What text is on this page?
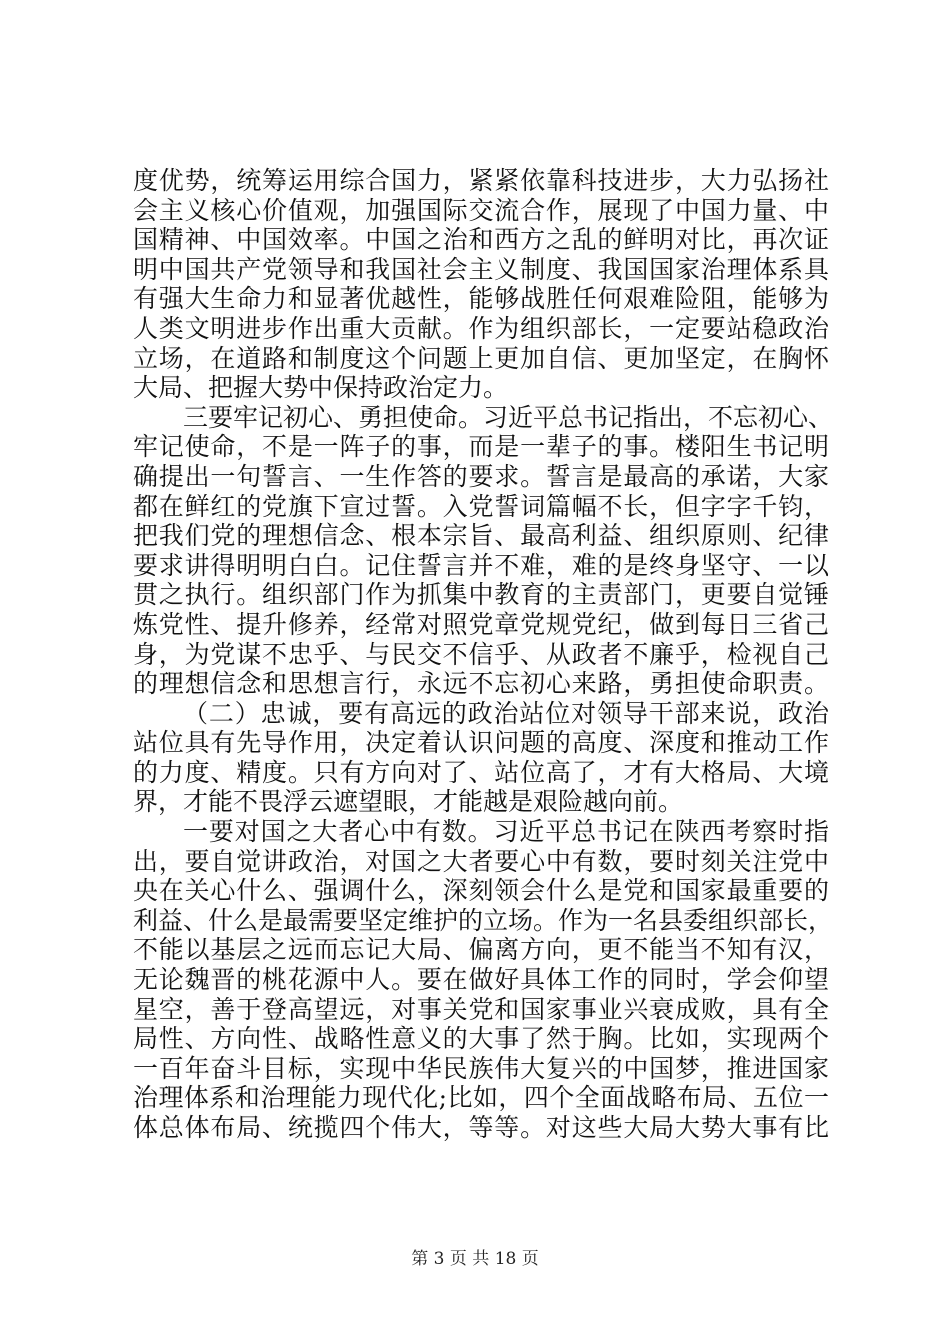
度优势，统筹运用综合国力，紧紧依靠科技进步，大力弘扬社
会主义核心价值观，加强国际交流合作，展现了中国力量、中
国精神、中国效率。中国之治和西方之乱的鲜明对比，再次证
明中国共产党领导和我国社会主义制度、我国国家治理体系具
有强大生命力和显著优越性，能够战胜任何艰难险阻，能够为
人类文明进步作出重大贡献。作为组织部长，一定要站稳政治
立场，在道路和制度这个问题上更加自信、更加坚定，在胸怀
大局、把握大势中保持政治定力。
三要牢记初心、勇担使命。习近平总书记指出，不忘初心、
牢记使命，不是一阵子的事，而是一辈子的事。楼阳生书记明
确提出一句誓言、一生作答的要求。誓言是最高的承诺，大家
都在鲜红的党旗下宣过誓。入党誓词篇幅不长，但字字千钧，
把我们党的理想信念、根本宗旨、最高利益、组织原则、纪律
要求讲得明明白白。记住誓言并不难，难的是终身坚守、一以
贯之执行。组织部门作为抓集中教育的主责部门，更要自觉锤
炼党性、提升修养，经常对照党章党规党纪，做到每日三省己
身，为党谋不忠乎、与民交不信乎、从政者不廉乎，检视自己
的理想信念和思想言行，永远不忘初心来路，勇担使命职责。
（二）忠诚，要有高远的政治站位对领导干部来说，政治
站位具有先导作用，决定着认识问题的高度、深度和推动工作
的力度、精度。只有方向对了、站位高了，才有大格局、大境
界，才能不畏浮云遮望眼，才能越是艰险越向前。
一要对国之大者心中有数。习近平总书记在陕西考察时指
出，要自觉讲政治，对国之大者要心中有数，要时刻关注党中
央在关心什么、强调什么，深刻领会什么是党和国家最重要的
利益、什么是最需要坚定维护的立场。作为一名县委组织部长，
不能以基层之远而忘记大局、偏离方向，更不能当不知有汉，
无论魏晋的桃花源中人。要在做好具体工作的同时，学会仰望
星空，善于登高望远，对事关党和国家事业兴衰成败，具有全
局性、方向性、战略性意义的大事了然于胸。比如，实现两个
一百年奋斗目标，实现中华民族伟大复兴的中国梦，推进国家
治理体系和治理能力现代化;比如，四个全面战略布局、五位一
体总体布局、统揽四个伟大，等等。对这些大局大势大事有比
第 3 页 共 18 页
